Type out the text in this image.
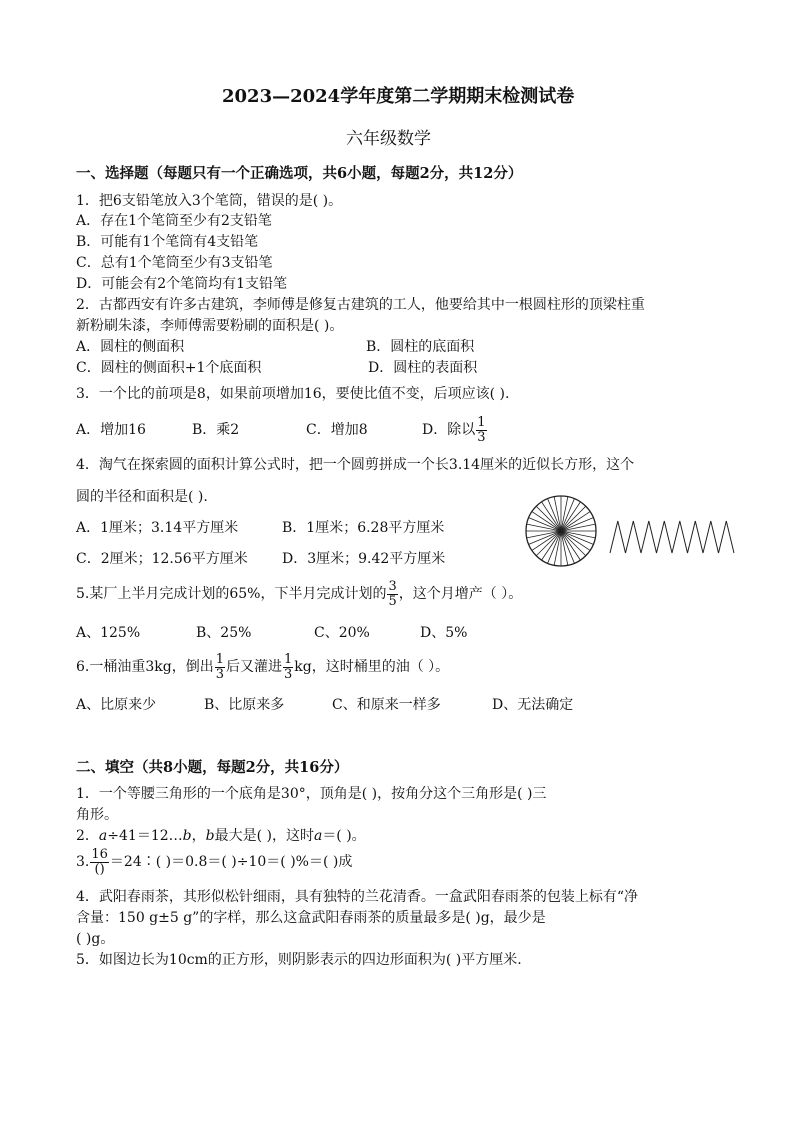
2023—2024学年度第二学期期末检测试卷
六年级数学
一、选择题（每题只有一个正确选项，共6小题，每题2分，共12分）
1．把6支铅笔放入3个笔筒，错误的是( )。
A．存在1个笔筒至少有2支铅笔
B．可能有1个笔筒有4支铅笔
C．总有1个笔筒至少有3支铅笔
D．可能会有2个笔筒均有1支铅笔
2．古都西安有许多古建筑，李师傅是修复古建筑的工人，他要给其中一根圆柱形的顶梁柱重
新粉刷朱漆，李师傅需要粉刷的面积是( )。
A．圆柱的侧面积	B．圆柱的底面积
C．圆柱的侧面积+1个底面积	D．圆柱的表面积
3．一个比的前项是8，如果前项增加16，要使比值不变，后项应该( ).
A．增加16	B．乘2	C．增加8	D．除以 $\frac{1}{3}$
4．淘气在探索圆的面积计算公式时，把一个圆剪拼成一个长3.14厘米的近似长方形，这个
圆的半径和面积是( ).
A．1厘米；3.14平方厘米	B．1厘米；6.28平方厘米
C．2厘米；12.56平方厘米 D．3厘米；9.42平方厘米
5.某厂上半月完成计划的65%，下半月完成计划的 $\frac{3}{5}$ ，这个月增产（ ）。
A、125%	B、25%	C、20%	D、5%
6.一桶油重3kg，倒出 $\frac{1}{3}$ 后又灌进 $\frac{1}{3}$ kg，这时桶里的油（ ）。
A、比原来少	B、比原来多	C、和原来一样多	D、无法确定
二、填空（共8小题，每题2分，共16分）
1．一个等腰三角形的一个底角是30°，顶角是( )，按角分这个三角形是( )三
角形。
2．a÷41＝12…b，b最大是( )，这时a＝( )。
3. $\frac{16}{()}$ ＝24∶( )＝0.8＝( )÷10＝( )%＝( )成
4．武阳春雨茶，其形似松针细雨，具有独特的兰花清香。一盒武阳春雨茶的包装上标有“净
含量：150 g±5 g”的字样，那么这盒武阳春雨茶的质量最多是( )g，最少是
( )g。
5．如图边长为10cm的正方形，则阴影表示的四边形面积为( )平方厘米.
